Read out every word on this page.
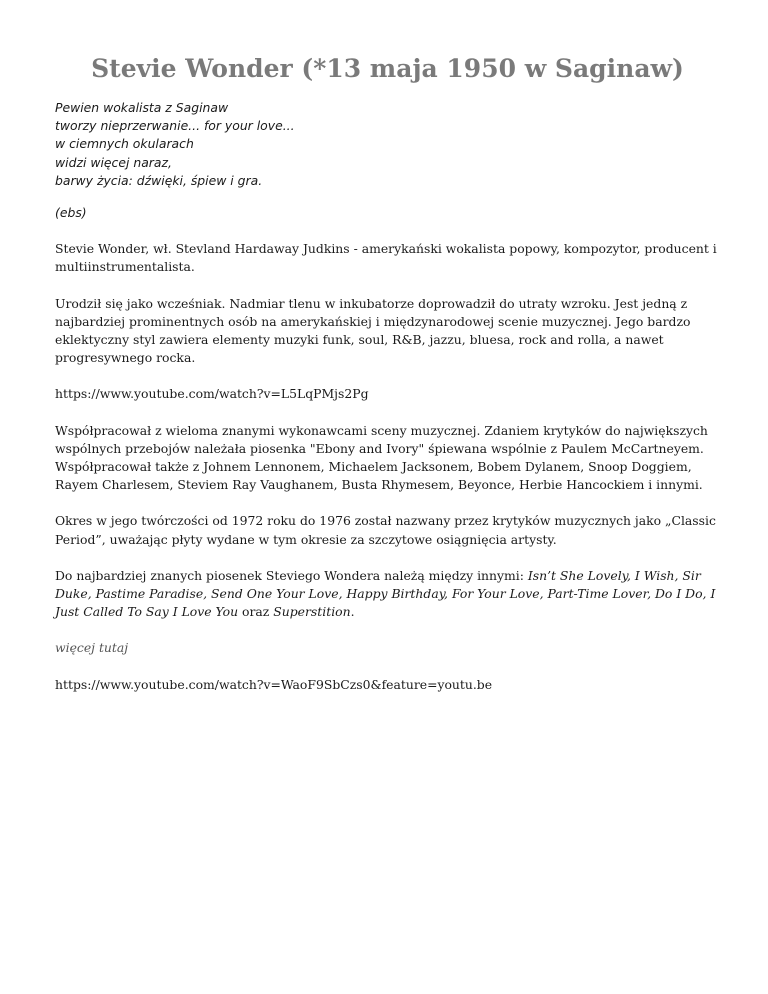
Stevie Wonder (*13 maja 1950 w Saginaw)
Pewien wokalista z Saginaw
tworzy nieprzerwanie... for your love...
w ciemnych okularach
widzi więcej naraz,
barwy życia: dźwięki, śpiew i gra.
(ebs)

Stevie Wonder, wł. Stevland Hardaway Judkins - amerykański wokalista popowy, kompozytor, producent i multiinstrumentalista.

Urodził się jako wcześniak. Nadmiar tlenu w inkubatorze doprowadził do utraty wzroku. Jest jedną z najbardziej prominentnych osób na amerykańskiej i międzynarodowej scenie muzycznej. Jego bardzo eklektyczny styl zawiera elementy muzyki funk, soul, R&B, jazzu, bluesa, rock and rolla, a nawet progresywnego rocka.

https://www.youtube.com/watch?v=L5LqPMjs2Pg

Współpracował z wieloma znanymi wykonawcami sceny muzycznej. Zdaniem krytyków do największych wspólnych przebojów należała piosenka "Ebony and Ivory" śpiewana wspólnie z Paulem McCartneyem. Współpracował także z Johnem Lennonem, Michaelem Jacksonem, Bobem Dylanem, Snoop Doggiem, Rayem Charlesem, Steviem Ray Vaughanem, Busta Rhymesem, Beyonce, Herbie Hancockiem i innymi.

Okres w jego twórczości od 1972 roku do 1976 został nazwany przez krytyków muzycznych jako „Classic Period”, uważając płyty wydane w tym okresie za szczytowe osiągnięcia artysty.

Do najbardziej znanych piosenek Steviego Wondera należą między innymi: Isn’t She Lovely, I Wish, Sir Duke, Pastime Paradise, Send One Your Love, Happy Birthday, For Your Love, Part-Time Lover, Do I Do, I Just Called To Say I Love You oraz Superstition.

więcej tutaj

https://www.youtube.com/watch?v=WaoF9SbCzs0&feature=youtu.be
